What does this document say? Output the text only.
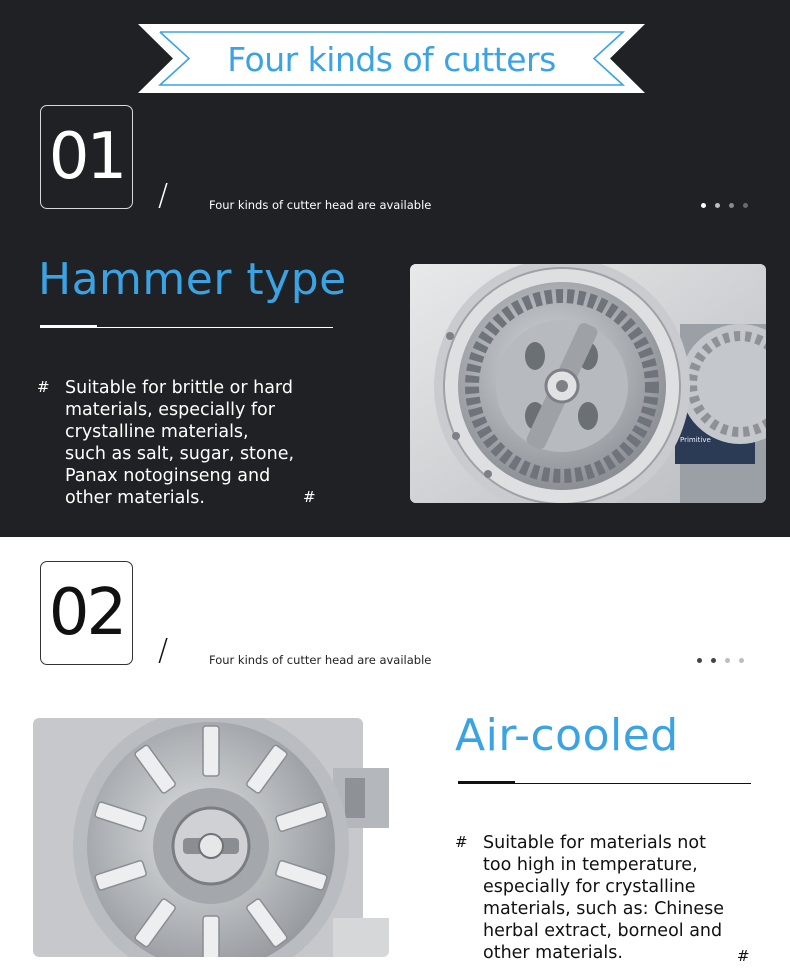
Four kinds of cutters
01
/	Four kinds of cutter head are available
Hammer type
# Suitable for brittle or hard
materials, especially for
crystalline materials,
such as salt, sugar, stone,
Panax notoginseng and
other materials.	#
Primitive
02
/	Four kinds of cutter head are available
Air-cooled
# Suitable for materials not
too high in temperature,
especially for crystalline
materials, such as: Chinese
herbal extract, borneol and
other materials.	#
